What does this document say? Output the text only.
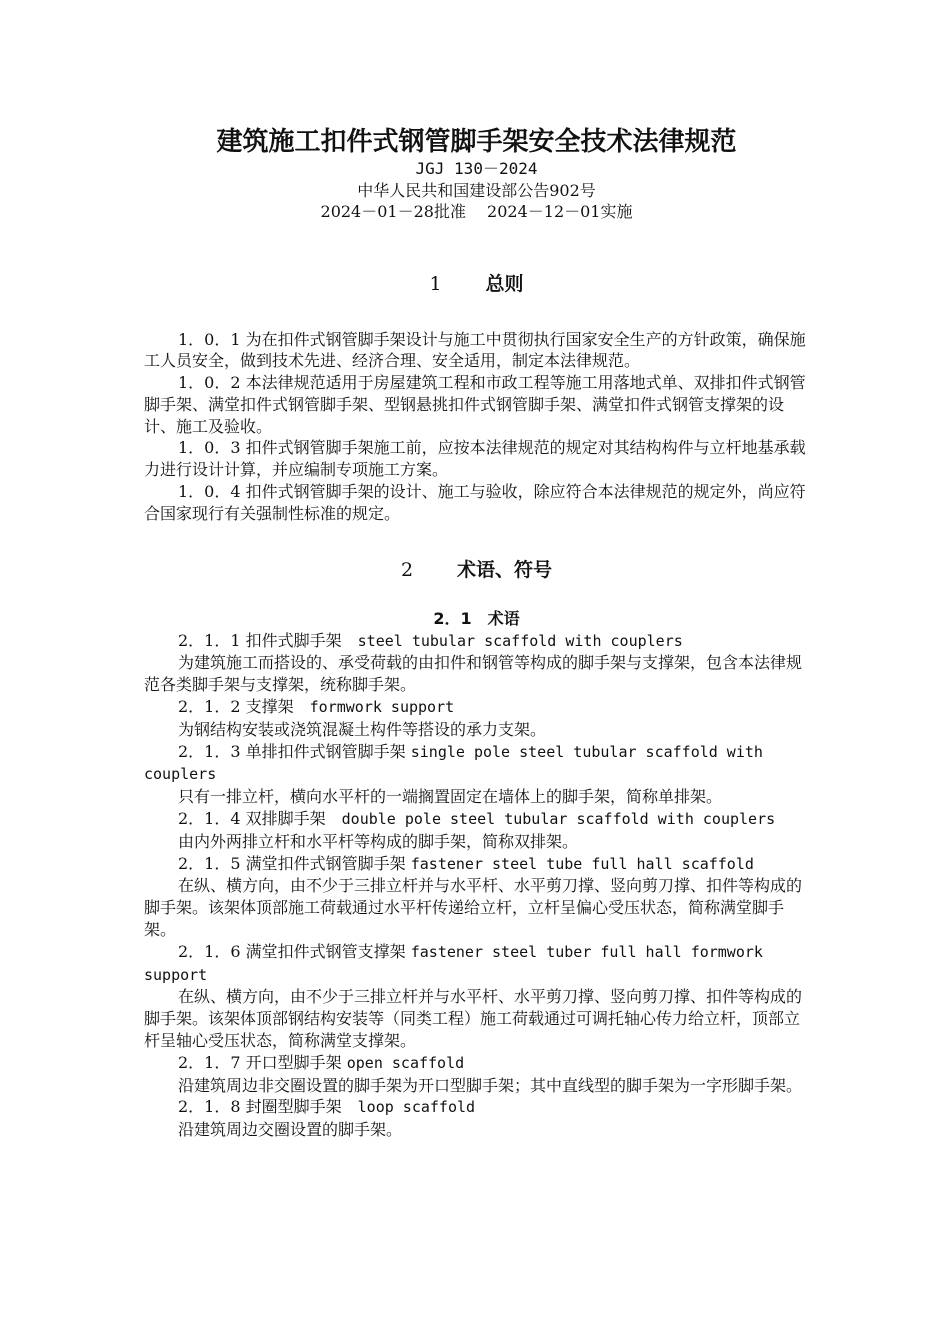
建筑施工扣件式钢管脚手架安全技术法律规范

JGJ 130－2024

中华人民共和国建设部公告902号

2024－01－28批准　 2024－12－01实施

1 总则

1．0．1 为在扣件式钢管脚手架设计与施工中贯彻执行国家安全生产的方针政策，确保施工人员安全，做到技术先进、经济合理、安全适用，制定本法律规范。

1．0．2 本法律规范适用于房屋建筑工程和市政工程等施工用落地式单、双排扣件式钢管脚手架、满堂扣件式钢管脚手架、型钢悬挑扣件式钢管脚手架、满堂扣件式钢管支撑架的设计、施工及验收。

1．0．3 扣件式钢管脚手架施工前，应按本法律规范的规定对其结构构件与立杆地基承载力进行设计计算，并应编制专项施工方案。

1．0．4 扣件式钢管脚手架的设计、施工与验收，除应符合本法律规范的规定外，尚应符合国家现行有关强制性标准的规定。

2 术语、符号
2．1　术语

2．1．1 扣件式脚手架　 steel tubular scaffold with couplers

为建筑施工而搭设的、承受荷载的由扣件和钢管等构成的脚手架与支撑架，包含本法律规范各类脚手架与支撑架，统称脚手架。

2．1．2 支撑架　 formwork support

为钢结构安装或浇筑混凝土构件等搭设的承力支架。

2．1．3 单排扣件式钢管脚手架 single pole steel tubular scaffold with couplers

只有一排立杆，横向水平杆的一端搁置固定在墙体上的脚手架，简称单排架。

2．1．4 双排脚手架　 double pole steel tubular scaffold with couplers

由内外两排立杆和水平杆等构成的脚手架，简称双排架。

2．1．5 满堂扣件式钢管脚手架 fastener steel tube full hall scaffold

在纵、横方向，由不少于三排立杆并与水平杆、水平剪刀撑、竖向剪刀撑、扣件等构成的脚手架。该架体顶部施工荷载通过水平杆传递给立杆，立杆呈偏心受压状态，简称满堂脚手架。

2．1．6 满堂扣件式钢管支撑架 fastener steel tuber full hall formwork support

在纵、横方向，由不少于三排立杆并与水平杆、水平剪刀撑、竖向剪刀撑、扣件等构成的脚手架。该架体顶部钢结构安装等（同类工程）施工荷载通过可调托轴心传力给立杆，顶部立杆呈轴心受压状态，简称满堂支撑架。

2．1．7 开口型脚手架 open scaffold

沿建筑周边非交圈设置的脚手架为开口型脚手架；其中直线型的脚手架为一字形脚手架。

2．1．8 封圈型脚手架　 loop scaffold

沿建筑周边交圈设置的脚手架。
